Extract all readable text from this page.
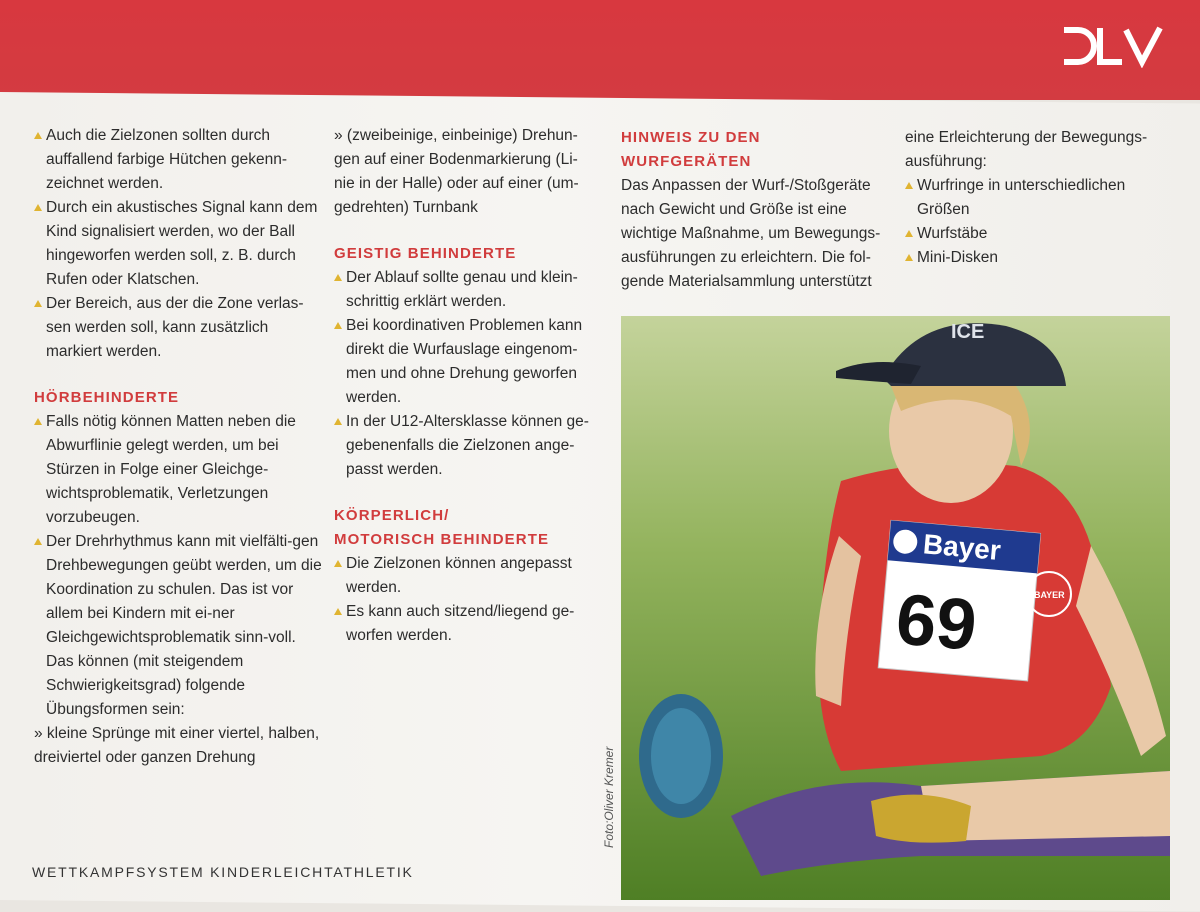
Auch die Zielzonen sollten durch auffallend farbige Hütchen gekenn-zeichnet werden.

Durch ein akustisches Signal kann dem Kind signalisiert werden, wo der Ball hingeworfen werden soll, z. B. durch Rufen oder Klatschen.

Der Bereich, aus der die Zone verlas-sen werden soll, kann zusätzlich markiert werden.

HÖRBEHINDERTE

Falls nötig können Matten neben die Abwurflinie gelegt werden, um bei Stürzen in Folge einer Gleichge-wichtsproblematik, Verletzungen vorzubeugen.

Der Drehrhythmus kann mit vielfälti-gen Drehbewegungen geübt werden, um die Koordination zu schulen. Das ist vor allem bei Kindern mit ei-ner Gleichgewichtsproblematik sinn-voll. Das können (mit steigendem Schwierigkeitsgrad) folgende Übungsformen sein:

» kleine Sprünge mit einer viertel, halben, dreiviertel oder ganzen Drehung

» (zweibeinige, einbeinige) Drehun-gen auf einer Bodenmarkierung (Li-nie in der Halle) oder auf einer (um-gedrehten) Turnbank

GEISTIG BEHINDERTE

Der Ablauf sollte genau und klein-schrittig erklärt werden.

Bei koordinativen Problemen kann direkt die Wurfauslage eingenom-men und ohne Drehung geworfen werden.

In der U12-Altersklasse können ge-gebenenfalls die Zielzonen ange-passt werden.

KÖRPERLICH/

MOTORISCH BEHINDERTE

Die Zielzonen können angepasst werden.

Es kann auch sitzend/liegend ge-worfen werden.

HINWEIS ZU DEN

WURFGERÄTEN

Das Anpassen der Wurf-/Stoßgeräte nach Gewicht und Größe ist eine wichtige Maßnahme, um Bewegungs-ausführungen zu erleichtern. Die fol-gende Materialsammlung unterstützt

eine Erleichterung der Bewegungs-ausführung:

Wurfringe in unterschiedlichen Größen

Wurfstäbe

Mini-Disken

ICE
Bayer
69	BAYER
Foto:Oliver Kremer
WETTKAMPFSYSTEM KINDERLEICHTATHLETIK
